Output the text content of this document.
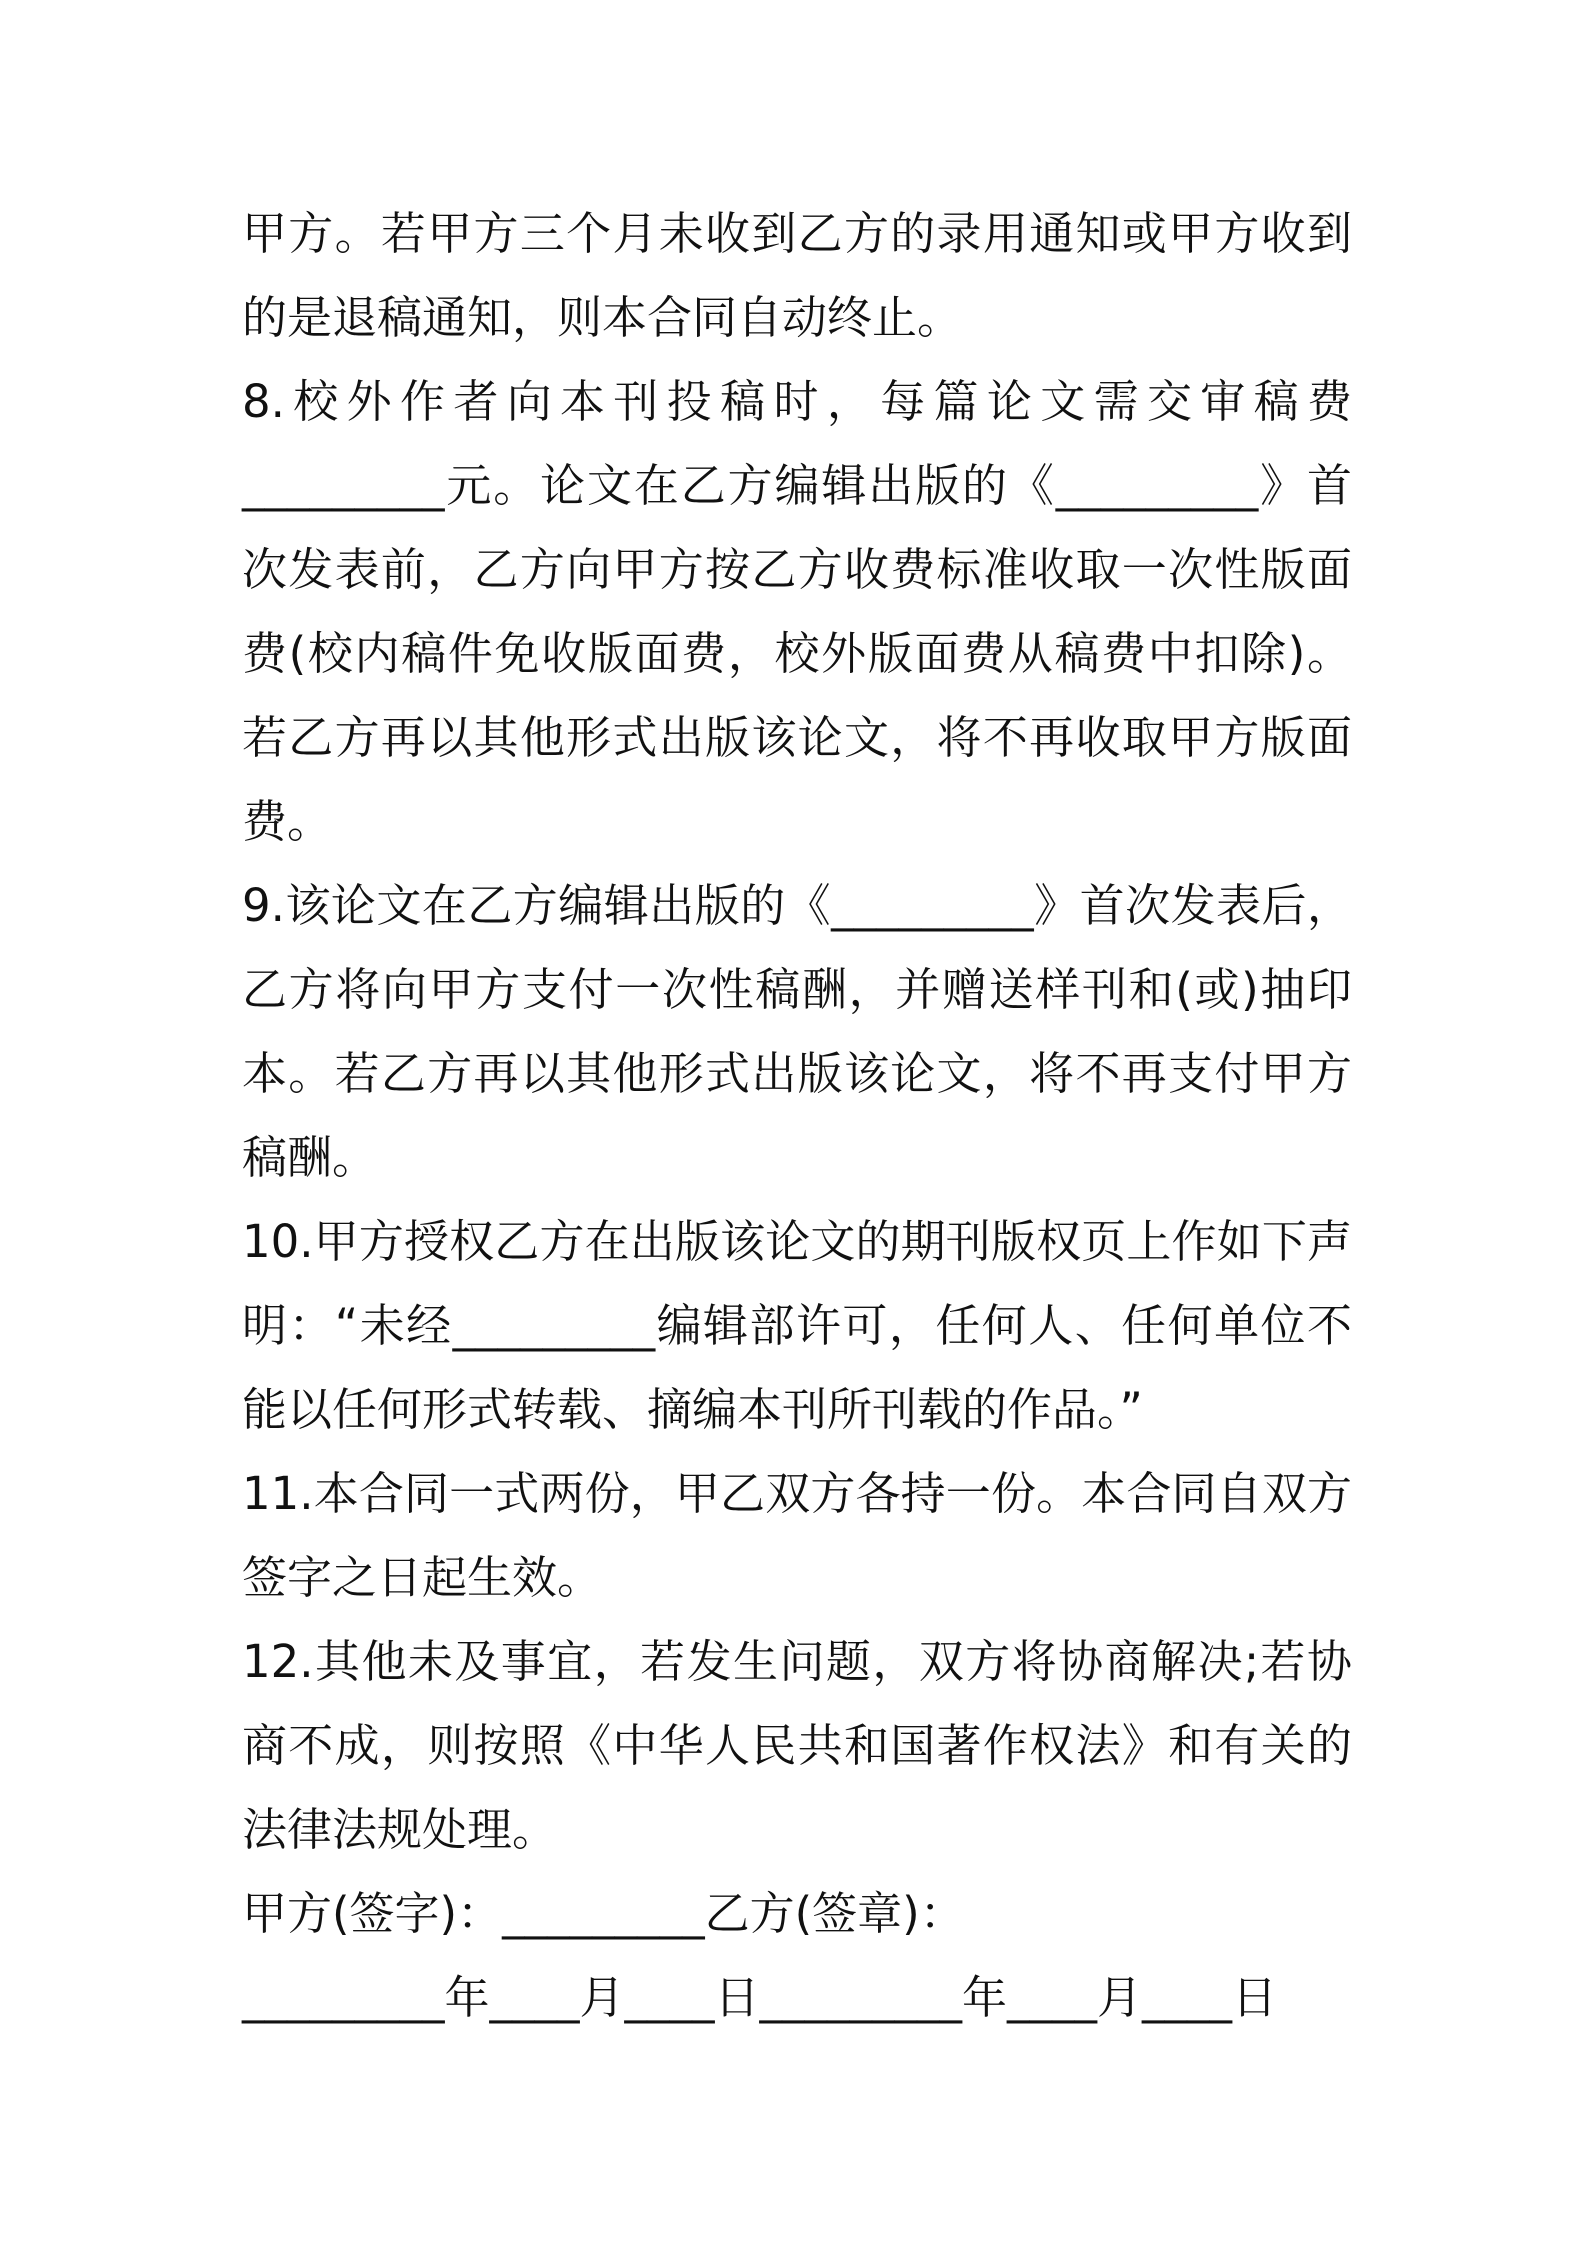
甲方。若甲方三个月未收到乙方的录用通知或甲方收到的是退稿通知，则本合同自动终止。

8.校外作者向本刊投稿时，每篇论文需交审稿费_________元。论文在乙方编辑出版的《_________》首次发表前，乙方向甲方按乙方收费标准收取一次性版面费(校内稿件免收版面费，校外版面费从稿费中扣除)。若乙方再以其他形式出版该论文，将不再收取甲方版面费。

9.该论文在乙方编辑出版的《_________》首次发表后，乙方将向甲方支付一次性稿酬，并赠送样刊和(或)抽印本。若乙方再以其他形式出版该论文，将不再支付甲方稿酬。

10.甲方授权乙方在出版该论文的期刊版权页上作如下声明：“未经_________编辑部许可，任何人、任何单位不能以任何形式转载、摘编本刊所刊载的作品。”

11.本合同一式两份，甲乙双方各持一份。本合同自双方签字之日起生效。

12.其他未及事宜，若发生问题，双方将协商解决;若协商不成，则按照《中华人民共和国著作权法》和有关的法律法规处理。

甲方(签字)：_________乙方(签章)：

_________年____月____日_________年____月____日
